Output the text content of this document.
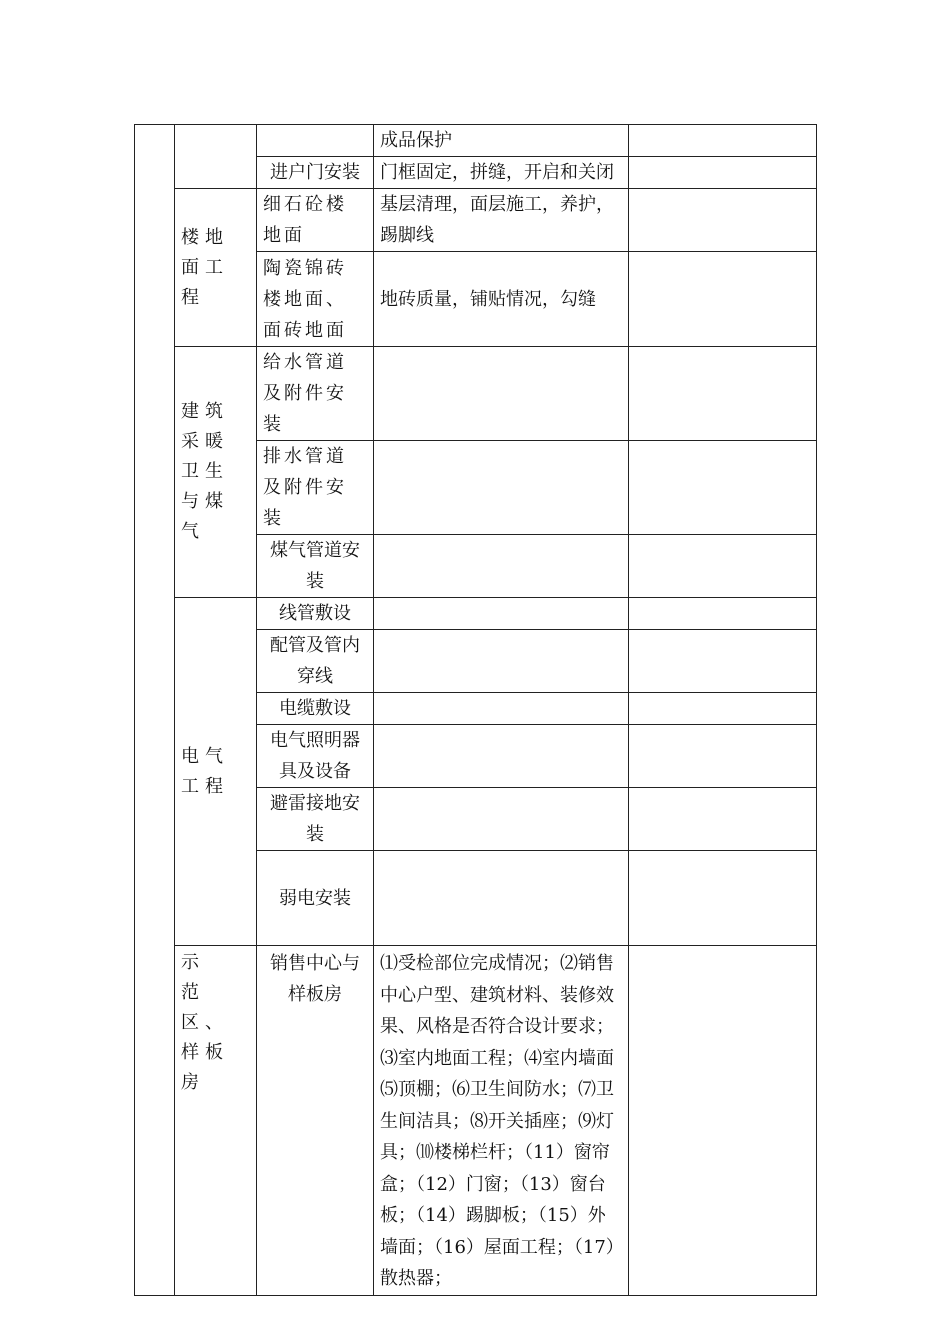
			成品保护	
		进户门安装	门框固定，拼缝，开启和关闭	
	楼地面工程	细石砼楼地面	基层清理，面层施工，养护，踢脚线	
		陶瓷锦砖楼地面、面砖地面	地砖质量，铺贴情况，勾缝	
	建筑采暖卫生与煤气	给水管道及附件安装		
		排水管道及附件安装		
		煤气管道安装		
	电气工程	线管敷设		
		配管及管内穿线		
		电缆敷设		
		电气照明器具及设备		
		避雷接地安装		
		弱电安装		
	示　范区、样板房	销售中心与样板房	⑴受检部位完成情况；⑵销售中心户型、建筑材料、装修效果、风格是否符合设计要求；⑶室内地面工程；⑷室内墙面⑸顶棚；⑹卫生间防水；⑺卫生间洁具；⑻开关插座；⑼灯具；⑽楼梯栏杆；（11）窗帘盒；（12）门窗；（13）窗台板；（14）踢脚板；（15）外墙面；（16）屋面工程；（17）散热器；	
